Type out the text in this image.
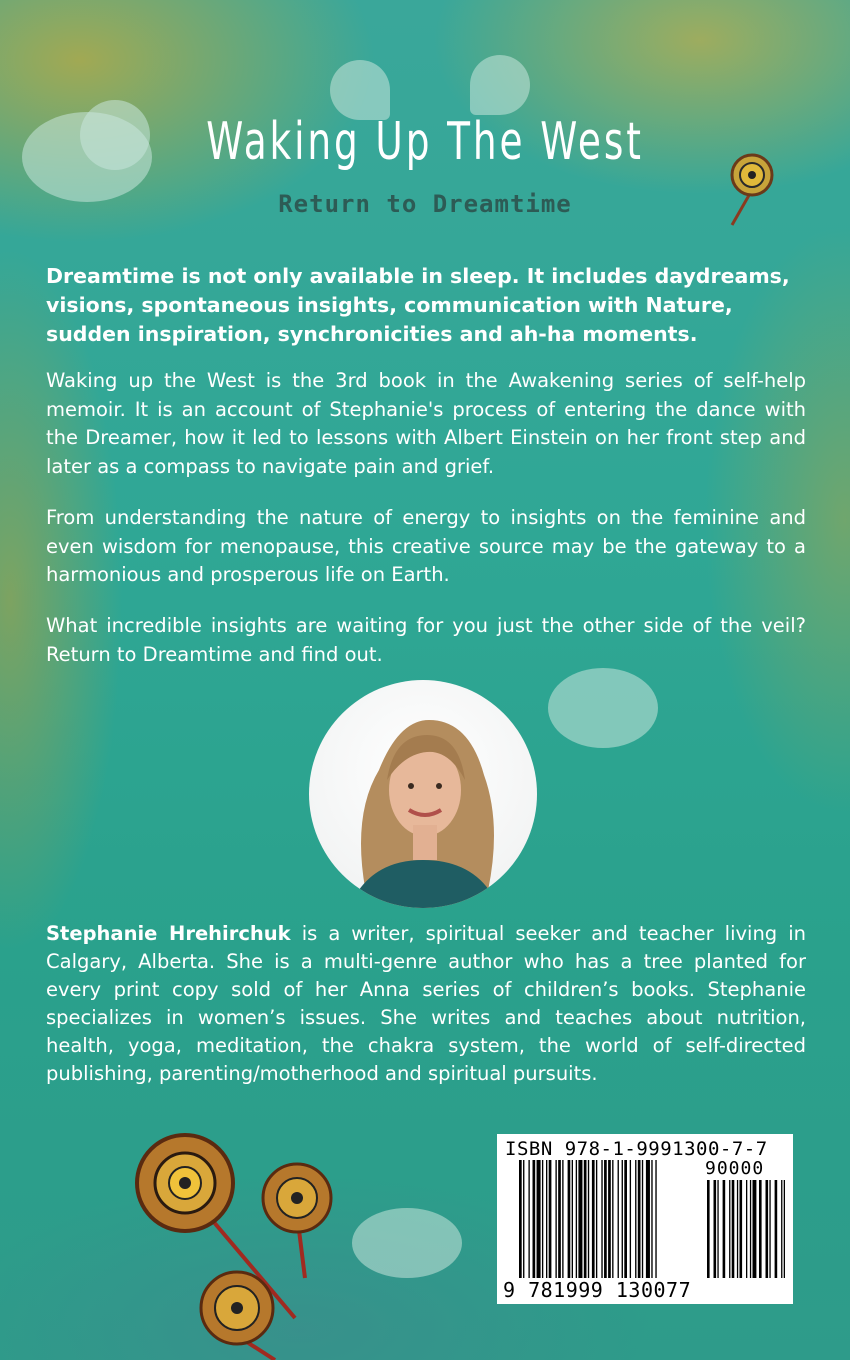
Waking Up The West
Return to Dreamtime
Dreamtime is not only available in sleep. It includes daydreams, visions, spontaneous insights, communication with Nature, sudden inspiration, synchronicities and ah-ha moments.
Waking up the West is the 3rd book in the Awakening series of self-help memoir. It is an account of Stephanie's process of entering the dance with the Dreamer, how it led to lessons with Albert Einstein on her front step and later as a compass to navigate pain and grief.
From understanding the nature of energy to insights on the feminine and even wisdom for menopause, this creative source may be the gateway to a harmonious and prosperous life on Earth.
What incredible insights are waiting for you just the other side of the veil? Return to Dreamtime and find out.
Stephanie Hrehirchuk is a writer, spiritual seeker and teacher living in Calgary, Alberta. She is a multi-genre author who has a tree planted for every print copy sold of her Anna series of children’s books. Stephanie specializes in women’s issues. She writes and teaches about nutrition, health, yoga, meditation, the chakra system, the world of self-directed publishing, parenting/motherhood and spiritual pursuits.
ISBN 978-1-9991300-7-7
90000
9 781999 130077
